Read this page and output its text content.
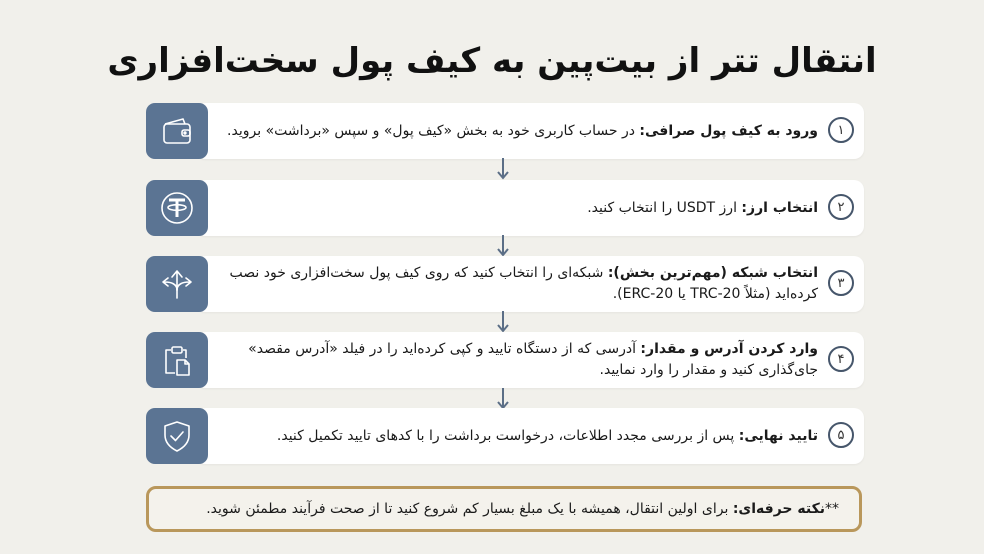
انتقال تتر از بیت‌پین به کیف پول سخت‌افزاری
۱
ورود به کیف پول صرافی: در حساب کاربری خود به بخش «کیف پول» و سپس «برداشت» بروید.
۲
انتخاب ارز: ارز USDT را انتخاب کنید.
۳
انتخاب شبکه (مهم‌ترین بخش): شبکه‌ای را انتخاب کنید که روی کیف پول سخت‌افزاری خود نصب کرده‌اید (مثلاً TRC-20 یا ERC-20).
۴
وارد کردن آدرس و مقدار: آدرسی که از دستگاه تایید و کپی کرده‌اید را در فیلد «آدرس مقصد» جای‌گذاری کنید و مقدار را وارد نمایید.
۵
تایید نهایی: پس از بررسی مجدد اطلاعات، درخواست برداشت را با کدهای تایید تکمیل کنید.
**نکته حرفه‌ای: برای اولین انتقال، همیشه با یک مبلغ بسیار کم شروع کنید تا از صحت فرآیند مطمئن شوید.
